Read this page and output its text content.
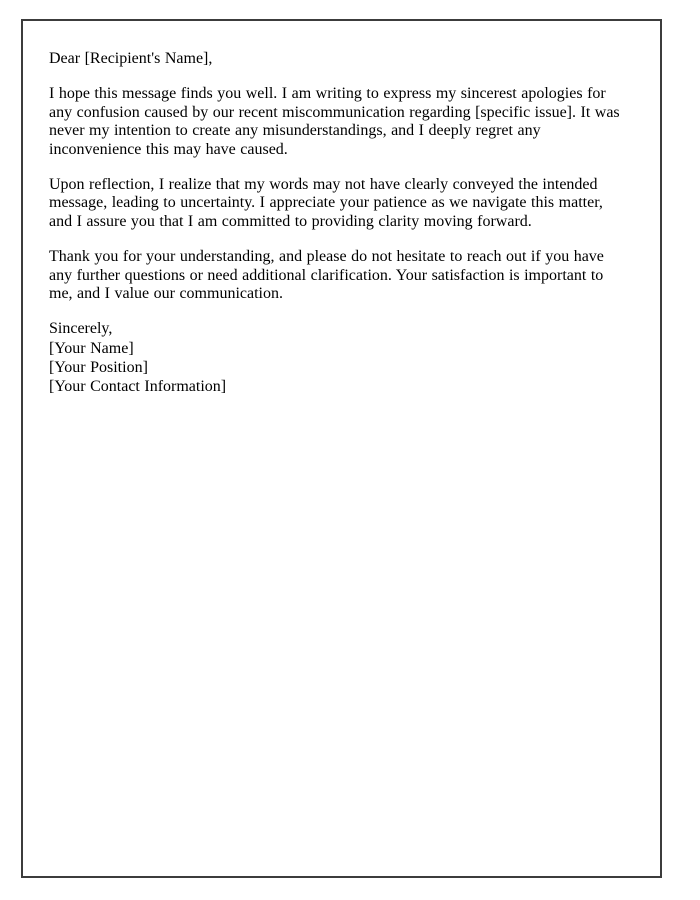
Dear [Recipient's Name],

I hope this message finds you well. I am writing to express my sincerest apologies for any confusion caused by our recent miscommunication regarding [specific issue]. It was never my intention to create any misunderstandings, and I deeply regret any inconvenience this may have caused.

Upon reflection, I realize that my words may not have clearly conveyed the intended message, leading to uncertainty. I appreciate your patience as we navigate this matter, and I assure you that I am committed to providing clarity moving forward.

Thank you for your understanding, and please do not hesitate to reach out if you have any further questions or need additional clarification. Your satisfaction is important to me, and I value our communication.

Sincerely,
[Your Name]
[Your Position]
[Your Contact Information]
